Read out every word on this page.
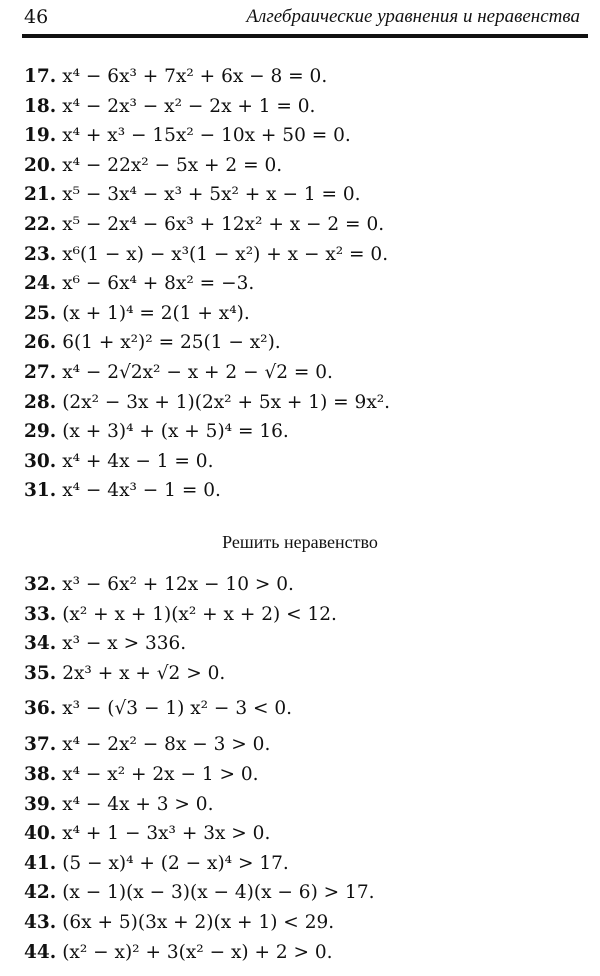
46	Алгебраические уравнения и неравенства
17. x⁴ − 6x³ + 7x² + 6x − 8 = 0.
18. x⁴ − 2x³ − x² − 2x + 1 = 0.
19. x⁴ + x³ − 15x² − 10x + 50 = 0.
20. x⁴ − 22x² − 5x + 2 = 0.
21. x⁵ − 3x⁴ − x³ + 5x² + x − 1 = 0.
22. x⁵ − 2x⁴ − 6x³ + 12x² + x − 2 = 0.
23. x⁶(1 − x) − x³(1 − x²) + x − x² = 0.
24. x⁶ − 6x⁴ + 8x² = −3.
25. (x + 1)⁴ = 2(1 + x⁴).
26. 6(1 + x²)² = 25(1 − x²).
27. x⁴ − 2√2x² − x + 2 − √2 = 0.
28. (2x² − 3x + 1)(2x² + 5x + 1) = 9x².
29. (x + 3)⁴ + (x + 5)⁴ = 16.
30. x⁴ + 4x − 1 = 0.
31. x⁴ − 4x³ − 1 = 0.
Решить неравенство
32. x³ − 6x² + 12x − 10 > 0.
33. (x² + x + 1)(x² + x + 2) < 12.
34. x³ − x > 336.
35. 2x³ + x + √2 > 0.
36. x³ − (√3 − 1) x² − 3 < 0.
37. x⁴ − 2x² − 8x − 3 > 0.
38. x⁴ − x² + 2x − 1 > 0.
39. x⁴ − 4x + 3 > 0.
40. x⁴ + 1 − 3x³ + 3x > 0.
41. (5 − x)⁴ + (2 − x)⁴ > 17.
42. (x − 1)(x − 3)(x − 4)(x − 6) > 17.
43. (6x + 5)(3x + 2)(x + 1) < 29.
44. (x² − x)² + 3(x² − x) + 2 > 0.
